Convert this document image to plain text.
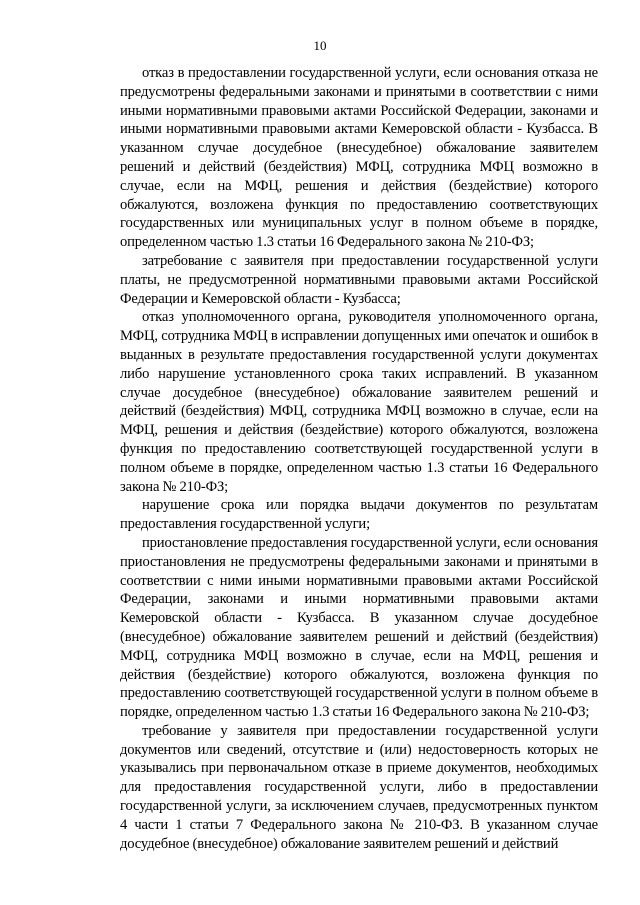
10

отказ в предоставлении государственной услуги, если основания отказа не предусмотрены федеральными законами и принятыми в соответствии с ними иными нормативными правовыми актами Российской Федерации, законами и иными нормативными правовыми актами Кемеровской области - Кузбасса. В указанном случае досудебное (внесудебное) обжалование заявителем решений и действий (бездействия) МФЦ, сотрудника МФЦ возможно в случае, если на МФЦ, решения и действия (бездействие) которого обжалуются, возложена функция по предоставлению соответствующих государственных или муниципальных услуг в полном объеме в порядке, определенном частью 1.3 статьи 16 Федерального закона № 210-ФЗ;

затребование с заявителя при предоставлении государственной услуги платы, не предусмотренной нормативными правовыми актами Российской Федерации и Кемеровской области - Кузбасса;

отказ уполномоченного органа, руководителя уполномоченного органа, МФЦ, сотрудника МФЦ в исправлении допущенных ими опечаток и ошибок в выданных в результате предоставления государственной услуги документах либо нарушение установленного срока таких исправлений. В указанном случае досудебное (внесудебное) обжалование заявителем решений и действий (бездействия) МФЦ, сотрудника МФЦ возможно в случае, если на МФЦ, решения и действия (бездействие) которого обжалуются, возложена функция по предоставлению соответствующей государственной услуги в полном объеме в порядке, определенном частью 1.3 статьи 16 Федерального закона № 210-ФЗ;

нарушение срока или порядка выдачи документов по результатам предоставления государственной услуги;

приостановление предоставления государственной услуги, если основания приостановления не предусмотрены федеральными законами и принятыми в соответствии с ними иными нормативными правовыми актами Российской Федерации, законами и иными нормативными правовыми актами Кемеровской области - Кузбасса. В указанном случае досудебное (внесудебное) обжалование заявителем решений и действий (бездействия) МФЦ, сотрудника МФЦ возможно в случае, если на МФЦ, решения и действия (бездействие) которого обжалуются, возложена функция по предоставлению соответствующей государственной услуги в полном объеме в порядке, определенном частью 1.3 статьи 16 Федерального закона № 210-ФЗ;

требование у заявителя при предоставлении государственной услуги документов или сведений, отсутствие и (или) недостоверность которых не указывались при первоначальном отказе в приеме документов, необходимых для предоставления государственной услуги, либо в предоставлении государственной услуги, за исключением случаев, предусмотренных пунктом 4 части 1 статьи 7 Федерального закона № 210-ФЗ. В указанном случае досудебное (внесудебное) обжалование заявителем решений и действий
